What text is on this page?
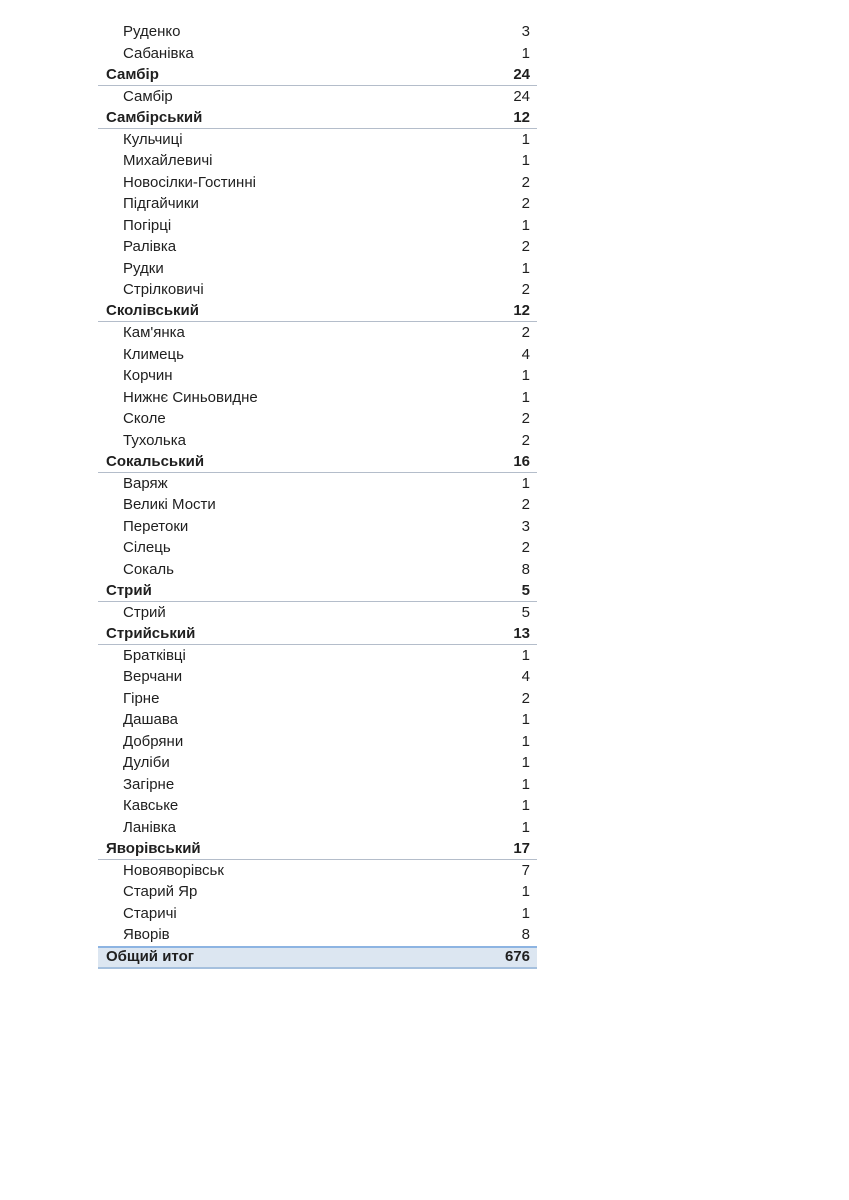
Руденко	3
Сабанівка	1
Самбір	24
Самбір	24
Самбірський	12
Кульчиці	1
Михайлевичі	1
Новосілки-Гостинні	2
Підгайчики	2
Погірці	1
Ралівка	2
Рудки	1
Стрілковичі	2
Сколівський	12
Кам'янка	2
Климець	4
Корчин	1
Нижнє Синьовидне	1
Сколе	2
Тухолька	2
Сокальський	16
Варяж	1
Великі Мости	2
Перетоки	3
Сілець	2
Сокаль	8
Стрий	5
Стрий	5
Стрийський	13
Братківці	1
Верчани	4
Гірне	2
Дашава	1
Добряни	1
Дуліби	1
Загірне	1
Кавське	1
Ланівка	1
Яворівський	17
Новояворівськ	7
Старий Яр	1
Старичі	1
Яворів	8
Общий итог	676
